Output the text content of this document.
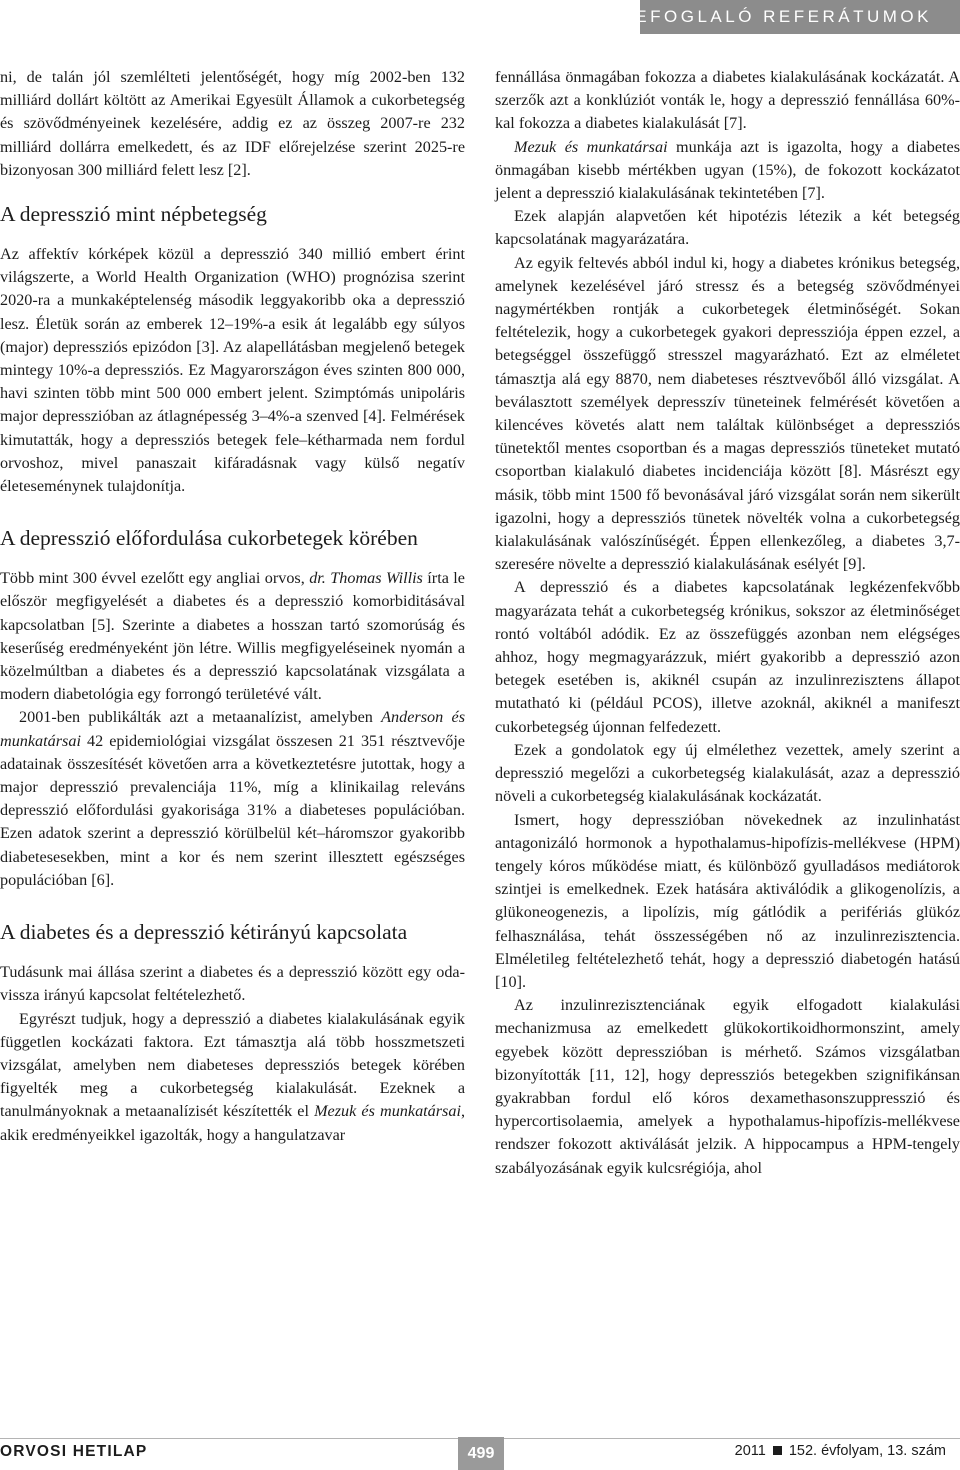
ÖSSZEFOGLALÓ REFERÁTUMOK

ni, de talán jól szemlélteti jelentőségét, hogy míg 2002-ben 132 milliárd dollárt költött az Amerikai Egyesült Államok a cukorbetegség és szövődményeinek kezelésére, addig ez az összeg 2007-re 232 milliárd dollárra emelkedett, és az IDF előrejelzése szerint 2025-re bizonyosan 300 milliárd felett lesz [2].

A depresszió mint népbetegség

Az affektív kórképek közül a depresszió 340 millió embert érint világszerte, a World Health Organization (WHO) prognózisa szerint 2020-ra a munkaképtelenség második leggyakoribb oka a depresszió lesz. Életük során az emberek 12–19%-a esik át legalább egy súlyos (major) depressziós epizódon [3]. Az alapellátásban megjelenő betegek mintegy 10%-a depressziós. Ez Magyarországon éves szinten 800 000, havi szinten több mint 500 000 embert jelent. Szimptómás unipoláris major depresszióban az átlagnépesség 3–4%-a szenved [4]. Felmérések kimutatták, hogy a depressziós betegek fele–kétharmada nem fordul orvoshoz, mivel panaszait kifáradásnak vagy külső negatív életeseménynek tulajdonítja.

A depresszió előfordulása cukorbetegek körében

Több mint 300 évvel ezelőtt egy angliai orvos, dr. Thomas Willis írta le először megfigyelését a diabetes és a depresszió komorbiditásával kapcsolatban [5]. Szerinte a diabetes a hosszan tartó szomorúság és keserűség eredményeként jön létre. Willis megfigyeléseinek nyomán a közelmúltban a diabetes és a depresszió kapcsolatának vizsgálata a modern diabetológia egy forrongó területévé vált.

2001-ben publikálták azt a metaanalízist, amelyben Anderson és munkatársai 42 epidemiológiai vizsgálat összesen 21 351 résztvevője adatainak összesítését követően arra a következtetésre jutottak, hogy a major depresszió prevalenciája 11%, míg a klinikailag releváns depresszió előfordulási gyakorisága 31% a diabeteses populációban. Ezen adatok szerint a depresszió körülbelül két–háromszor gyakoribb diabetesesekben, mint a kor és nem szerint illesztett egészséges populációban [6].

A diabetes és a depresszió kétirányú kapcsolata

Tudásunk mai állása szerint a diabetes és a depresszió között egy oda-vissza irányú kapcsolat feltételezhető.

Egyrészt tudjuk, hogy a depresszió a diabetes kialakulásának egyik független kockázati faktora. Ezt támasztja alá több hosszmetszeti vizsgálat, amelyben nem diabeteses depressziós betegek körében figyelték meg a cukorbetegség kialakulását. Ezeknek a tanulmányoknak a metaanalízisét készítették el Mezuk és munkatársai, akik eredményeikkel igazolták, hogy a hangulatzavar

fennállása önmagában fokozza a diabetes kialakulásának kockázatát. A szerzők azt a konklúziót vonták le, hogy a depresszió fennállása 60%-kal fokozza a diabetes kialakulását [7].

Mezuk és munkatársai munkája azt is igazolta, hogy a diabetes önmagában kisebb mértékben ugyan (15%), de fokozott kockázatot jelent a depresszió kialakulásának tekintetében [7].

Ezek alapján alapvetően két hipotézis létezik a két betegség kapcsolatának magyarázatára.

Az egyik feltevés abból indul ki, hogy a diabetes krónikus betegség, amelynek kezelésével járó stressz és a betegség szövődményei nagymértékben rontják a cukorbetegek életminőségét. Sokan feltételezik, hogy a cukorbetegek gyakori depressziója éppen ezzel, a betegséggel összefüggő stresszel magyarázható. Ezt az elméletet támasztja alá egy 8870, nem diabeteses résztvevőből álló vizsgálat. A beválasztott személyek depresszív tüneteinek felmérését követően a kilencéves követés alatt nem találtak különbséget a depressziós tünetektől mentes csoportban és a magas depressziós tüneteket mutató csoportban kialakuló diabetes incidenciája között [8]. Másrészt egy másik, több mint 1500 fő bevonásával járó vizsgálat során nem sikerült igazolni, hogy a depressziós tünetek növelték volna a cukorbetegség kialakulásának valószínűségét. Éppen ellenkezőleg, a diabetes 3,7-szeresére növelte a depresszió kialakulásának esélyét [9].

A depresszió és a diabetes kapcsolatának legkézenfekvőbb magyarázata tehát a cukorbetegség krónikus, sokszor az életminőséget rontó voltából adódik. Ez az összefüggés azonban nem elégséges ahhoz, hogy megmagyarázzuk, miért gyakoribb a depresszió azon betegek esetében is, akiknél csupán az inzulinrezisztens állapot mutatható ki (például PCOS), illetve azoknál, akiknél a manifeszt cukorbetegség újonnan felfedezett.

Ezek a gondolatok egy új elmélethez vezettek, amely szerint a depresszió megelőzi a cukorbetegség kialakulását, azaz a depresszió növeli a cukorbetegség kialakulásának kockázatát.

Ismert, hogy depresszióban növekednek az inzulinhatást antagonizáló hormonok a hypothalamus-hipofízis-mellékvese (HPM) tengely kóros működése miatt, és különböző gyulladásos mediátorok szintjei is emelkednek. Ezek hatására aktiválódik a glikogenolízis, a glükoneogenezis, a lipolízis, míg gátlódik a perifériás glükóz felhasználása, tehát összességében nő az inzulinrezisztencia. Elméletileg feltételezhető tehát, hogy a depresszió diabetogén hatású [10].

Az inzulinrezisztenciának egyik elfogadott kialakulási mechanizmusa az emelkedett glükokortikoidhormonszint, amely egyebek között depresszióban is mérhető. Számos vizsgálatban bizonyították [11, 12], hogy depressziós betegekben szignifikánsan gyakrabban fordul elő kóros dexamethasonszuppresszió és hypercortisolaemia, amelyek a hypothalamus-hipofízis-mellékvese rendszer fokozott aktiválását jelzik. A hippocampus a HPM-tengely szabályozásának egyik kulcsrégiója, ahol

ORVOSI HETILAP	499	2011 152. évfolyam, 13. szám
